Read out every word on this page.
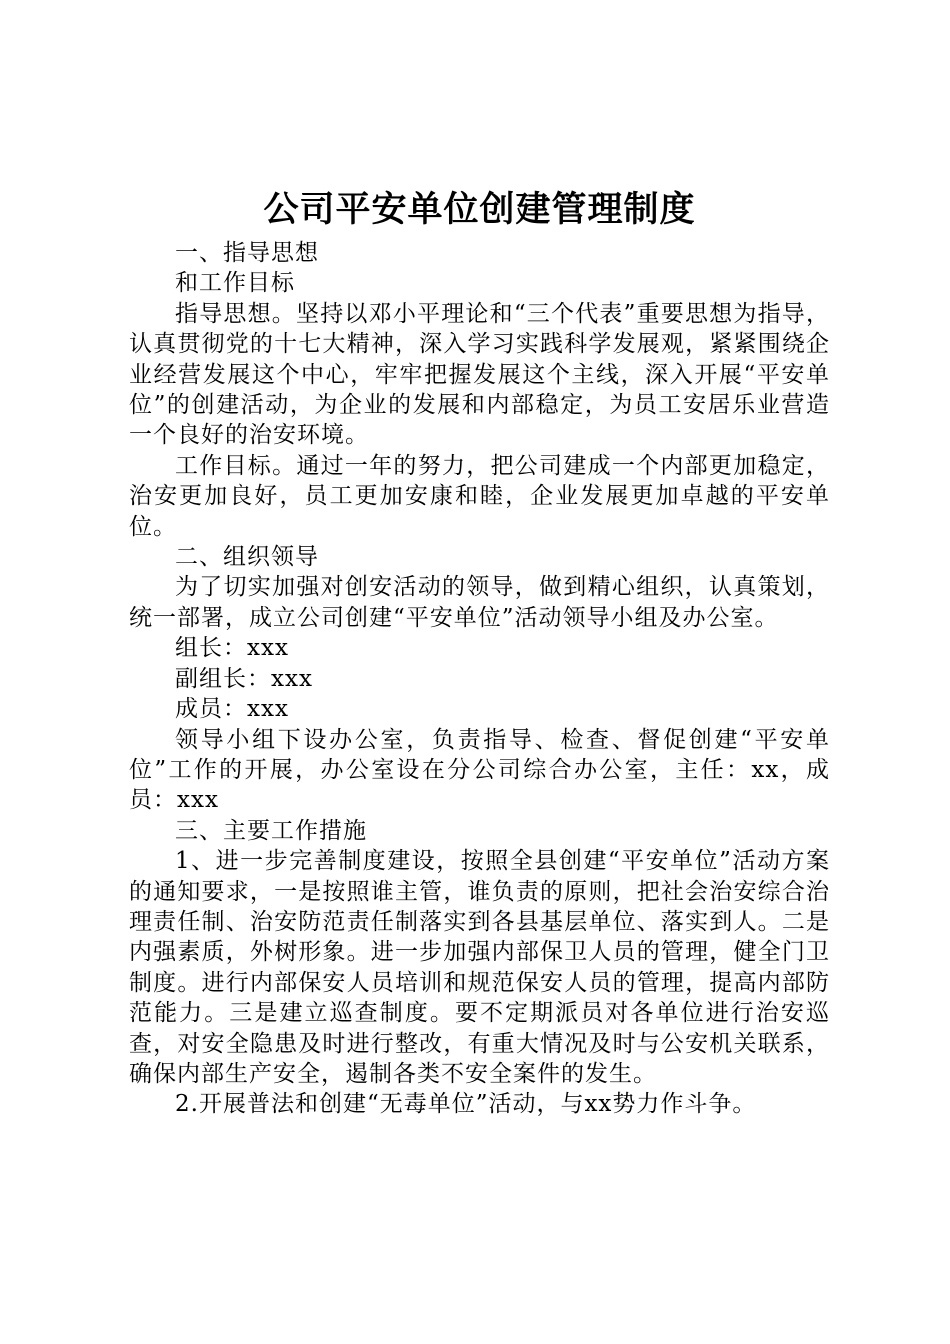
公司平安单位创建管理制度

一、指导思想

和工作目标

指导思想。坚持以邓小平理论和“三个代表”重要思想为指导，认真贯彻党的十七大精神，深入学习实践科学发展观，紧紧围绕企业经营发展这个中心，牢牢把握发展这个主线，深入开展“平安单位”的创建活动，为企业的发展和内部稳定，为员工安居乐业营造一个良好的治安环境。

工作目标。通过一年的努力，把公司建成一个内部更加稳定，治安更加良好，员工更加安康和睦，企业发展更加卓越的平安单位。

二、组织领导

为了切实加强对创安活动的领导，做到精心组织，认真策划，统一部署，成立公司创建“平安单位”活动领导小组及办公室。

组长：xxx

副组长：xxx

成员：xxx

领导小组下设办公室，负责指导、检查、督促创建“平安单位”工作的开展，办公室设在分公司综合办公室，主任：xx，成员：xxx

三、主要工作措施

1、进一步完善制度建设，按照全县创建“平安单位”活动方案的通知要求，一是按照谁主管，谁负责的原则，把社会治安综合治理责任制、治安防范责任制落实到各县基层单位、落实到人。二是内强素质，外树形象。进一步加强内部保卫人员的管理，健全门卫制度。进行内部保安人员培训和规范保安人员的管理，提高内部防范能力。三是建立巡查制度。要不定期派员对各单位进行治安巡查，对安全隐患及时进行整改，有重大情况及时与公安机关联系，确保内部生产安全，遏制各类不安全案件的发生。

2.开展普法和创建“无毒单位”活动，与xx势力作斗争。
